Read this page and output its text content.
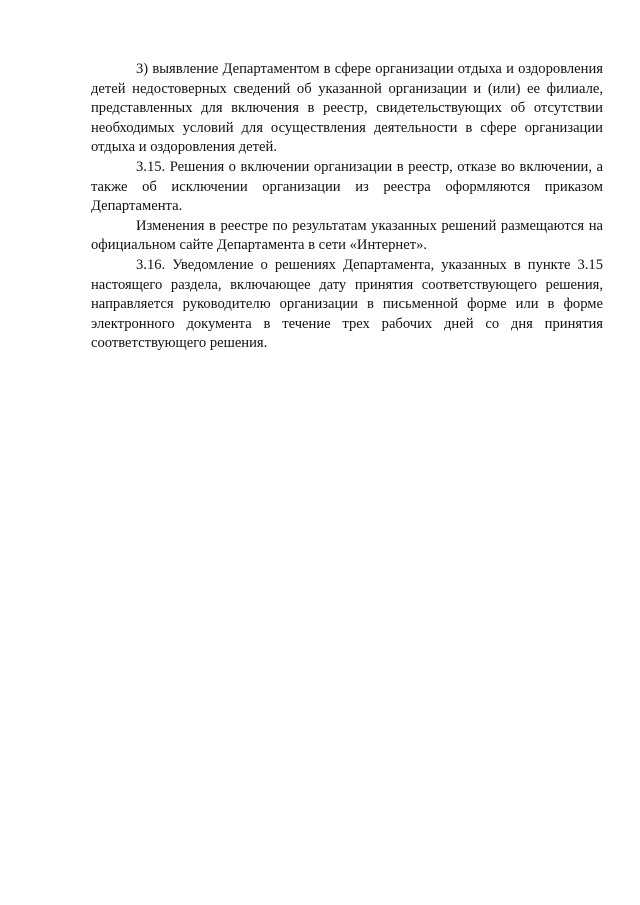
3) выявление Департаментом в сфере организации отдыха и оздоровления детей недостоверных сведений об указанной организации и (или) ее филиале, представленных для включения в реестр, свидетельствующих об отсутствии необходимых условий для осуществления деятельности в сфере организации отдыха и оздоровления детей.

3.15. Решения о включении организации в реестр, отказе во включении, а также об исключении организации из реестра оформляются приказом Департамента.

Изменения в реестре по результатам указанных решений размещаются на официальном сайте Департамента в сети «Интернет».

3.16. Уведомление о решениях Департамента, указанных в пункте 3.15 настоящего раздела, включающее дату принятия соответствующего решения, направляется руководителю организации в письменной форме или в форме электронного документа в течение трех рабочих дней со дня принятия соответствующего решения.
